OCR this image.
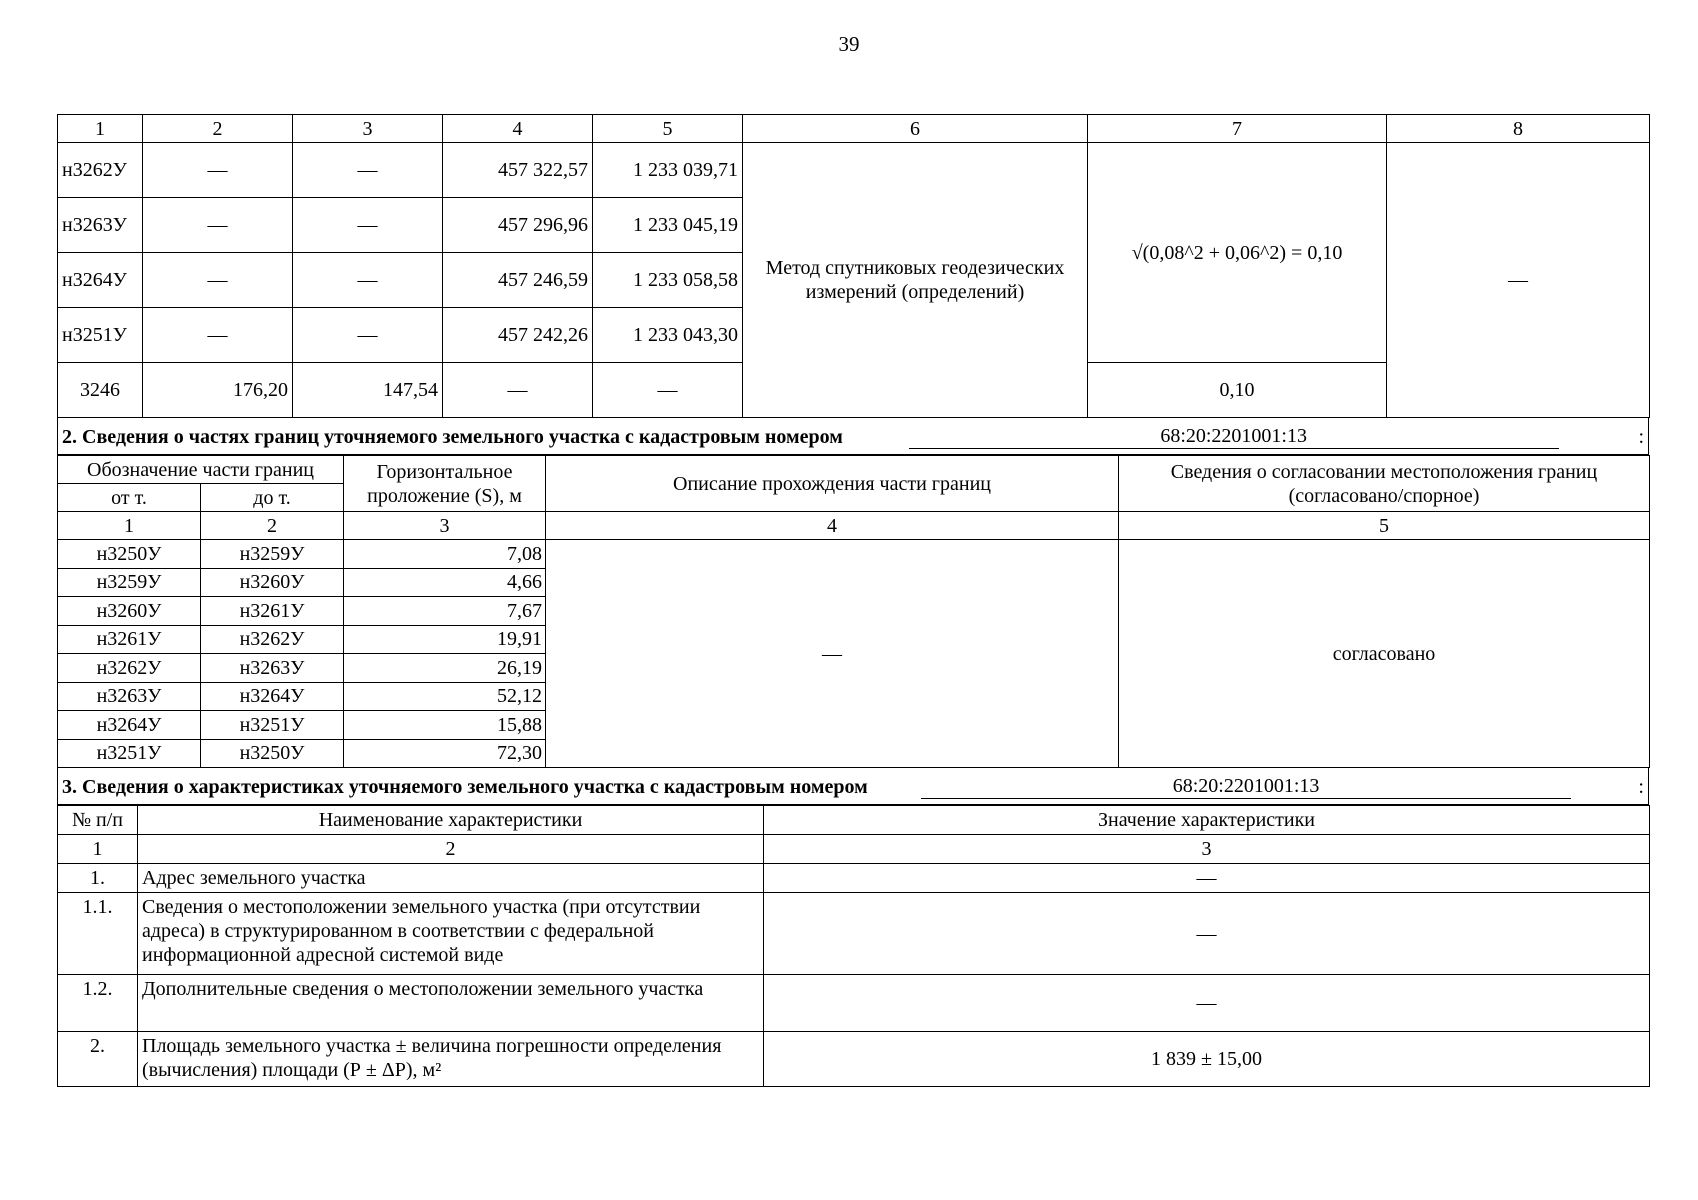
39
1	2	3	4	5	6	7	8
н3262У	—	—	457 322,57	1 233 039,71	Метод спутниковых геодезических измерений (определений)	√(0,08^2 + 0,06^2) = 0,10	—
н3263У	—	—	457 296,96	1 233 045,19			
н3264У	—	—	457 246,59	1 233 058,58			
н3251У	—	—	457 242,26	1 233 043,30			
3246	176,20	147,54	—	—		0,10	
2. Сведения о частях границ уточняемого земельного участка с кадастровым номером	68:20:2201001:13	:
Обозначение части границ		Горизонтальное проложение (S), м	Описание прохождения части границ	Сведения о согласовании местоположения границ (согласовано/спорное)
от т.	до т.			
1	2	3	4	5
н3250У	н3259У	7,08	—	согласовано
н3259У	н3260У	4,66		
н3260У	н3261У	7,67		
н3261У	н3262У	19,91		
н3262У	н3263У	26,19		
н3263У	н3264У	52,12		
н3264У	н3251У	15,88		
н3251У	н3250У	72,30		
3. Сведения о характеристиках уточняемого земельного участка с кадастровым номером	68:20:2201001:13	:
№ п/п	Наименование характеристики	Значение характеристики
1	2	3
1.	Адрес земельного участка	—
1.1.	Сведения о местоположении земельного участка (при отсутствии адреса) в структурированном в соответствии с федеральной информационной адресной системой виде	—
1.2.	Дополнительные сведения о местоположении земельного участка	—
2.	Площадь земельного участка ± величина погрешности определения (вычисления) площади (Р ± ΔР), м²	1 839 ± 15,00
